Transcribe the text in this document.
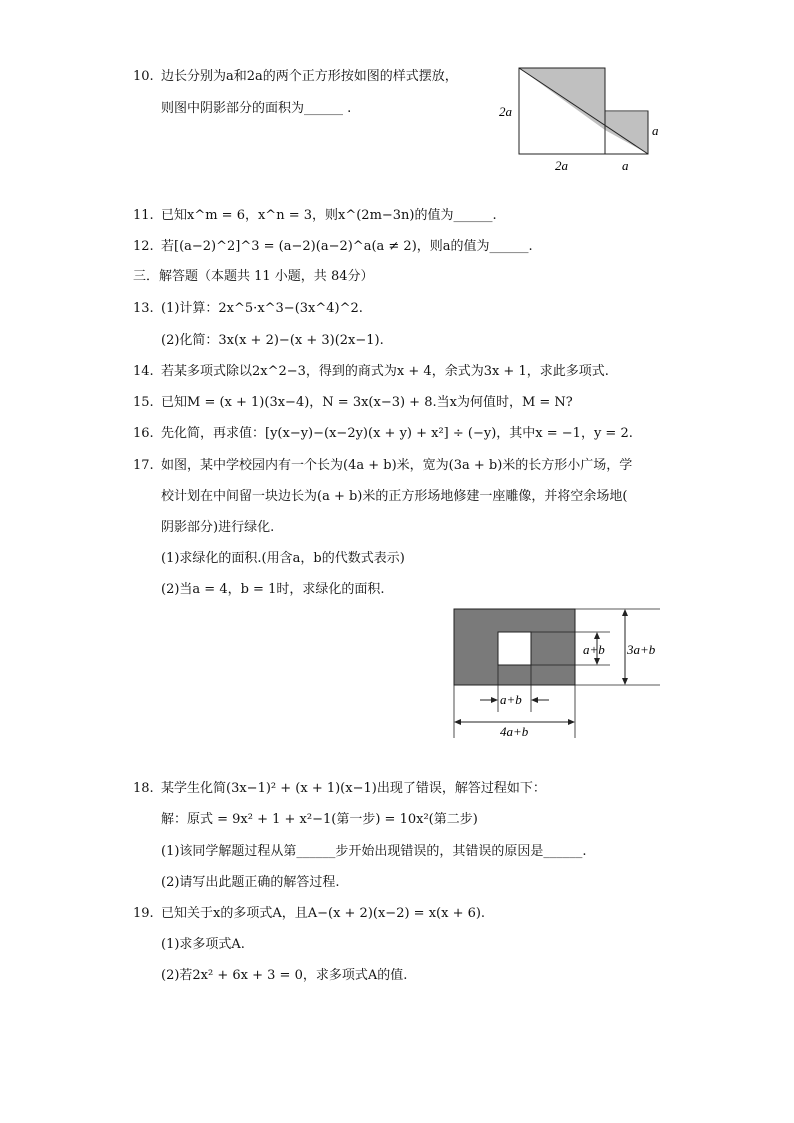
10. 边长分别为a和2a的两个正方形按如图的样式摆放，
则图中阴影部分的面积为______ .	2a
a
2a	a
11. 已知x^m = 6，x^n = 3，则x^(2m−3n)的值为______.
12. 若[(a−2)^2]^3 = (a−2)(a−2)^a(a ≠ 2)，则a的值为______.
三．解答题（本题共 11 小题，共 84分）
13. (1)计算：2x^5·x^3−(3x^4)^2.
(2)化简：3x(x + 2)−(x + 3)(2x−1).
14. 若某多项式除以2x^2−3，得到的商式为x + 4，余式为3x + 1，求此多项式.
15. 已知M = (x + 1)(3x−4)，N = 3x(x−3) + 8.当x为何值时，M = N?
16. 先化简，再求值：[y(x−y)−(x−2y)(x + y) + x²] ÷ (−y)，其中x = −1，y = 2.
17. 如图，某中学校园内有一个长为(4a + b)米，宽为(3a + b)米的长方形小广场，学
校计划在中间留一块边长为(a + b)米的正方形场地修建一座雕像，并将空余场地(
阴影部分)进行绿化.
(1)求绿化的面积.(用含a，b的代数式表示)
(2)当a = 4，b = 1时，求绿化的面积.
a+b 3a+b
a+b
4a+b
18. 某学生化简(3x−1)² + (x + 1)(x−1)出现了错误，解答过程如下：
解：原式 = 9x² + 1 + x²−1(第一步) = 10x²(第二步)
(1)该同学解题过程从第______步开始出现错误的，其错误的原因是______.
(2)请写出此题正确的解答过程.
19. 已知关于x的多项式A，且A−(x + 2)(x−2) = x(x + 6).
(1)求多项式A.
(2)若2x² + 6x + 3 = 0，求多项式A的值.
